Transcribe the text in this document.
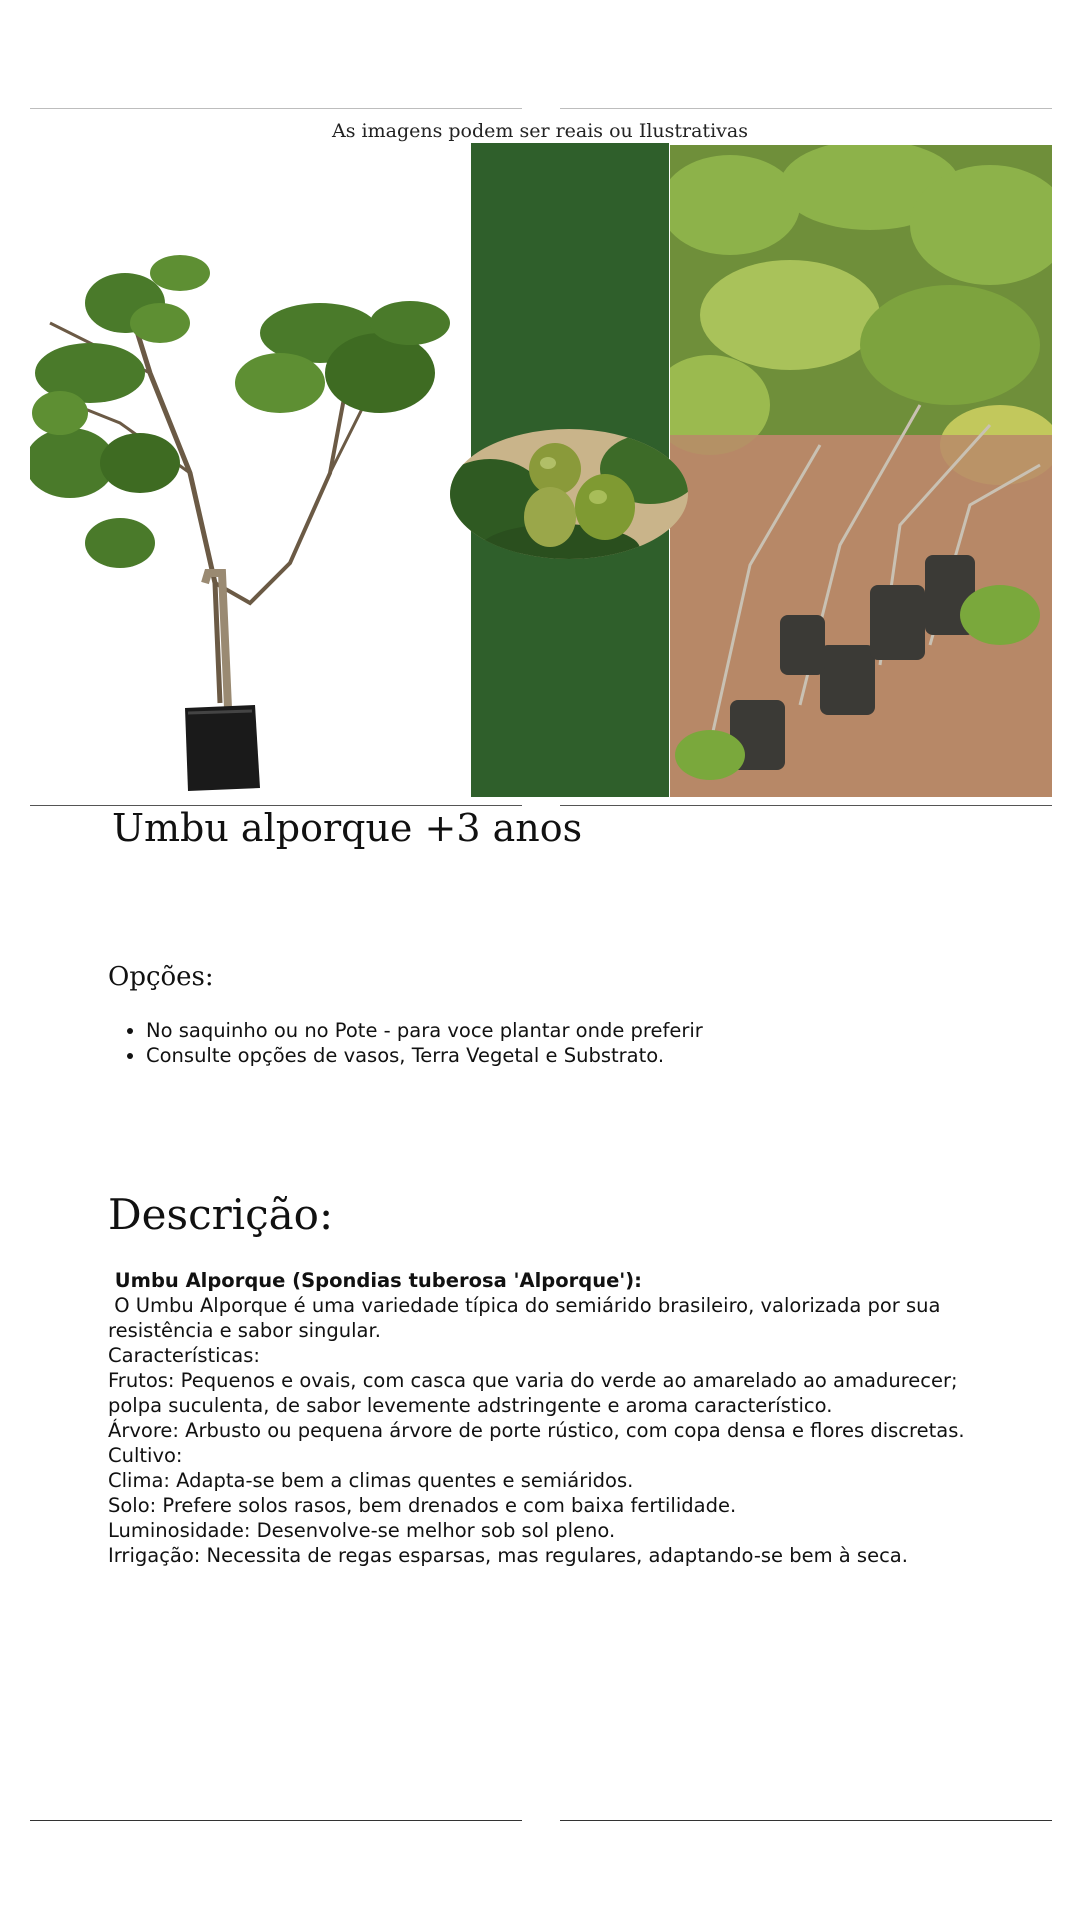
As imagens podem ser reais ou Ilustrativas
Umbu alporque +3 anos
Opções:
• No saquinho ou no Pote - para voce plantar onde preferir
• Consulte opções de vasos, Terra Vegetal e Substrato.
Descrição:

Umbu Alporque (Spondias tuberosa 'Alporque'):

O Umbu Alporque é uma variedade típica do semiárido brasileiro, valorizada por sua resistência e sabor singular.

Características:

Frutos: Pequenos e ovais, com casca que varia do verde ao amarelado ao amadurecer; polpa suculenta, de sabor levemente adstringente e aroma característico.

Árvore: Arbusto ou pequena árvore de porte rústico, com copa densa e flores discretas.

Cultivo:

Clima: Adapta-se bem a climas quentes e semiáridos.

Solo: Prefere solos rasos, bem drenados e com baixa fertilidade.

Luminosidade: Desenvolve-se melhor sob sol pleno.

Irrigação: Necessita de regas esparsas, mas regulares, adaptando-se bem à seca.
